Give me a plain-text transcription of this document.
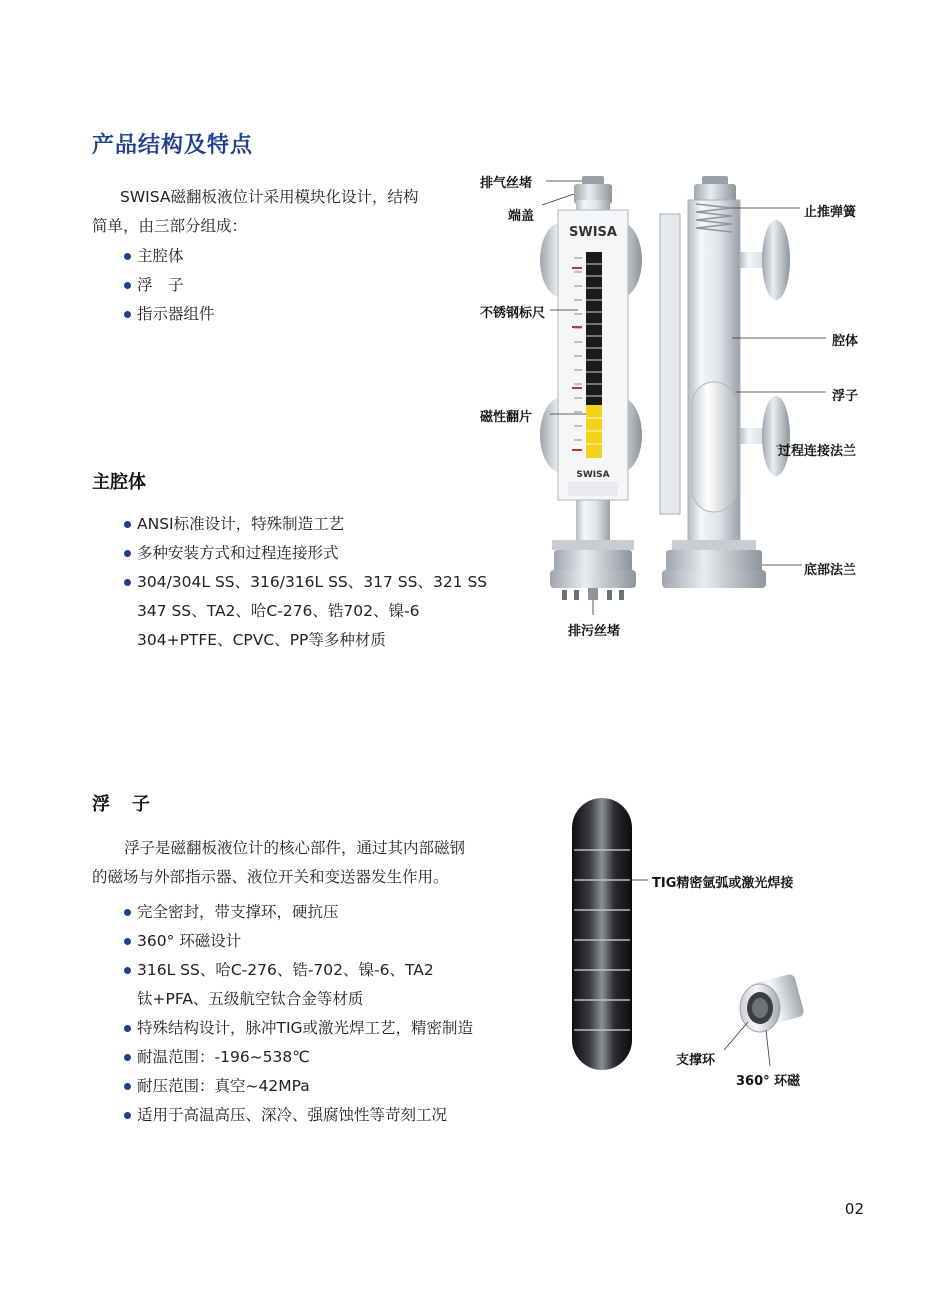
产品结构及特点
SWISA磁翻板液位计采用模块化设计，结构
简单，由三部分组成：
主腔体
浮　子
指示器组件
主腔体
ANSI标准设计，特殊制造工艺
多种安装方式和过程连接形式
304/304L SS、316/316L SS、317 SS、321 SS
347 SS、TA2、哈C-276、锆702、镍-6
304+PTFE、CPVC、PP等多种材质
SWISA
SWISA
排气丝堵
端盖
不锈钢标尺
磁性翻片
排污丝堵
止推弹簧
腔体
浮子
过程连接法兰
底部法兰
浮　子
浮子是磁翻板液位计的核心部件，通过其内部磁钢
的磁场与外部指示器、液位开关和变送器发生作用。
完全密封，带支撑环，硬抗压
360° 环磁设计
316L SS、哈C-276、锆-702、镍-6、TA2
钛+PFA、五级航空钛合金等材质
特殊结构设计，脉冲TIG或激光焊工艺，精密制造
耐温范围：-196~538℃
耐压范围：真空~42MPa
适用于高温高压、深冷、强腐蚀性等苛刻工况
TIG精密氩弧或激光焊接
支撑环
360° 环磁
02
